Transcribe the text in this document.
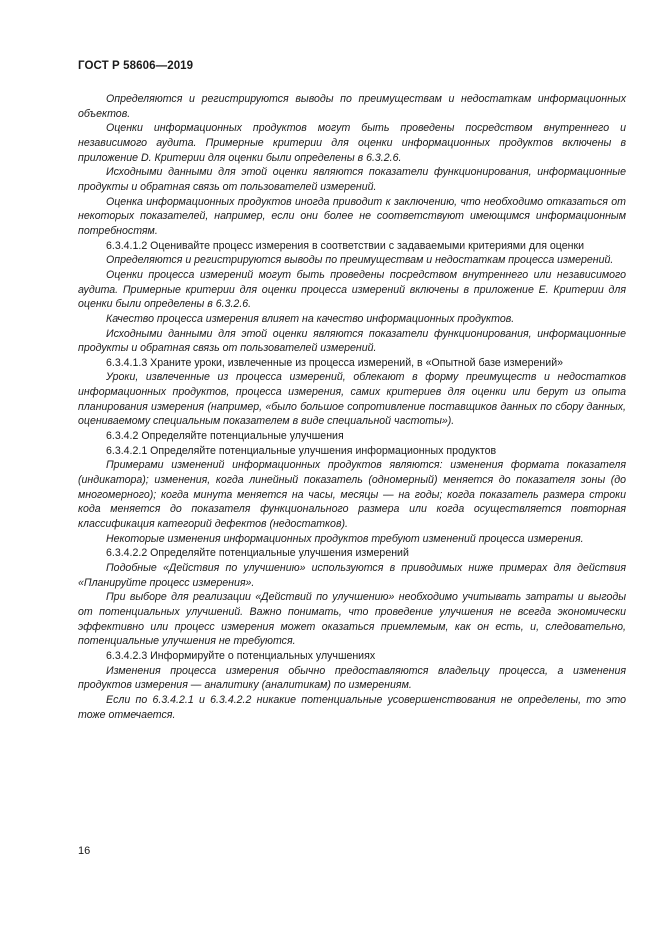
ГОСТ Р 58606—2019

Определяются и регистрируются выводы по преимуществам и недостаткам информационных объектов.

Оценки информационных продуктов могут быть проведены посредством внутреннего и независимого аудита. Примерные критерии для оценки информационных продуктов включены в приложение D. Критерии для оценки были определены в 6.3.2.6.

Исходными данными для этой оценки являются показатели функционирования, информационные продукты и обратная связь от пользователей измерений.

Оценка информационных продуктов иногда приводит к заключению, что необходимо отказаться от некоторых показателей, например, если они более не соответствуют имеющимся информационным потребностям.

6.3.4.1.2 Оценивайте процесс измерения в соответствии с задаваемыми критериями для оценки

Определяются и регистрируются выводы по преимуществам и недостаткам процесса измерений.

Оценки процесса измерений могут быть проведены посредством внутреннего или независимого аудита. Примерные критерии для оценки процесса измерений включены в приложение Е. Критерии для оценки были определены в 6.3.2.6.

Качество процесса измерения влияет на качество информационных продуктов.

Исходными данными для этой оценки являются показатели функционирования, информационные продукты и обратная связь от пользователей измерений.

6.3.4.1.3 Храните уроки, извлеченные из процесса измерений, в «Опытной базе измерений»

Уроки, извлеченные из процесса измерений, облекают в форму преимуществ и недостатков информационных продуктов, процесса измерения, самих критериев для оценки или берут из опыта планирования измерения (например, «было большое сопротивление поставщиков данных по сбору данных, оцениваемому специальным показателем в виде специальной частоты»).

6.3.4.2 Определяйте потенциальные улучшения

6.3.4.2.1 Определяйте потенциальные улучшения информационных продуктов

Примерами изменений информационных продуктов являются: изменения формата показателя (индикатора); изменения, когда линейный показатель (одномерный) меняется до показателя зоны (до многомерного); когда минута меняется на часы, месяцы — на годы; когда показатель размера строки кода меняется до показателя функционального размера или когда осуществляется повторная классификация категорий дефектов (недостатков).

Некоторые изменения информационных продуктов требуют изменений процесса измерения.

6.3.4.2.2 Определяйте потенциальные улучшения измерений

Подобные «Действия по улучшению» используются в приводимых ниже примерах для действия «Планируйте процесс измерения».

При выборе для реализации «Действий по улучшению» необходимо учитывать затраты и выгоды от потенциальных улучшений. Важно понимать, что проведение улучшения не всегда экономически эффективно или процесс измерения может оказаться приемлемым, как он есть, и, следовательно, потенциальные улучшения не требуются.

6.3.4.2.3 Информируйте о потенциальных улучшениях

Изменения процесса измерения обычно предоставляются владельцу процесса, а изменения продуктов измерения — аналитику (аналитикам) по измерениям.

Если по 6.3.4.2.1 и 6.3.4.2.2 никакие потенциальные усовершенствования не определены, то это тоже отмечается.

16
